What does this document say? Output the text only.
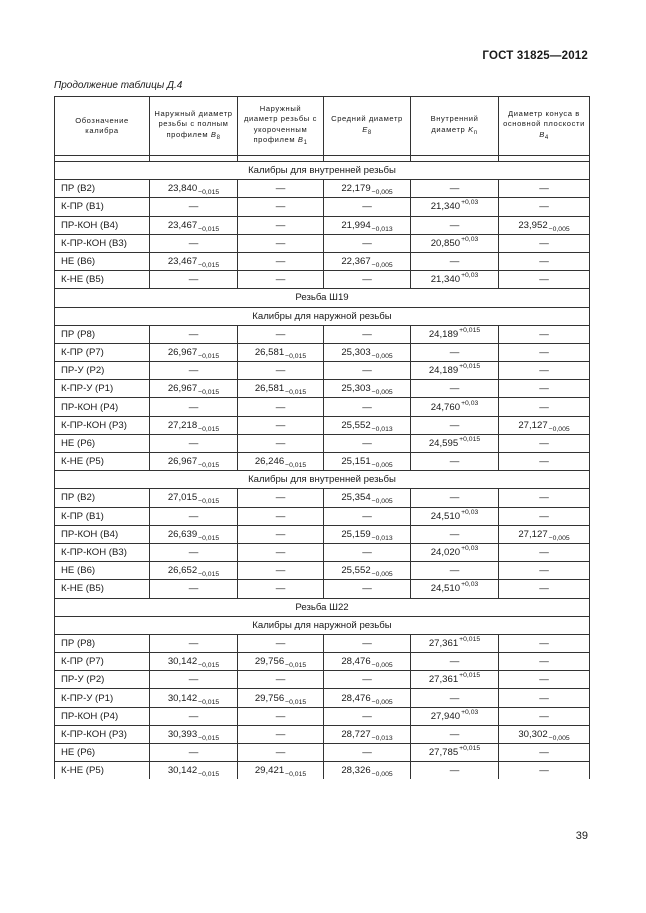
ГОСТ 31825—2012
Продолжение таблицы Д.4
Обозначение калибра	Наружный диаметр резьбы с полным профилем $B_8$	Наружный диаметр резьбы с укороченным профилем $B_1$	Средний диаметр $E_8$	Внутренний диаметр $K_п$	Диаметр конуса в основной плоскости $B_4$

Калибры для внутренней резьбы					
ПР (В2)	$23,840_{-0,015}$	—	$22,179_{-0,005}$	—	—
К-ПР (В1)	—	—	—	$21,340^{+0,03}$	—
ПР-КОН (В4)	$23,467_{-0,015}$	—	$21,994_{-0,013}$	—	$23,952_{-0,005}$
К-ПР-КОН (В3)	—	—	—	$20,850^{+0,03}$	—
НЕ (В6)	$23,467_{-0,015}$	—	$22,367_{-0,005}$	—	—
К-НЕ (В5)	—	—	—	$21,340^{+0,03}$	—
Резьба Ш19					
Калибры для наружной резьбы					
ПР (Р8)	—	—	—	$24,189^{+0,015}$	—
К-ПР (Р7)	$26,967_{-0,015}$	$26,581_{-0,015}$	$25,303_{-0,005}$	—	—
ПР-У (Р2)	—	—	—	$24,189^{+0,015}$	—
К-ПР-У (Р1)	$26,967_{-0,015}$	$26,581_{-0,015}$	$25,303_{-0,005}$	—	—
ПР-КОН (Р4)	—	—	—	$24,760^{+0,03}$	—
К-ПР-КОН (Р3)	$27,218_{-0,015}$	—	$25,552_{-0,013}$	—	$27,127_{-0,005}$
НЕ (Р6)	—	—	—	$24,595^{+0,015}$	—
К-НЕ (Р5)	$26,967_{-0,015}$	$26,246_{-0,015}$	$25,151_{-0,005}$	—	—
Калибры для внутренней резьбы					
ПР (В2)	$27,015_{-0,015}$	—	$25,354_{-0,005}$	—	—
К-ПР (В1)	—	—	—	$24,510^{+0,03}$	—
ПР-КОН (В4)	$26,639_{-0,015}$	—	$25,159_{-0,013}$	—	$27,127_{-0,005}$
К-ПР-КОН (В3)	—	—	—	$24,020^{+0,03}$	—
НЕ (В6)	$26,652_{-0,015}$	—	$25,552_{-0,005}$	—	—
К-НЕ (В5)	—	—	—	$24,510^{+0,03}$	—
Резьба Ш22					
Калибры для наружной резьбы					
ПР (Р8)	—	—	—	$27,361^{+0,015}$	—
К-ПР (Р7)	$30,142_{-0,015}$	$29,756_{-0,015}$	$28,476_{-0,005}$	—	—
ПР-У (Р2)	—	—	—	$27,361^{+0,015}$	—
К-ПР-У (Р1)	$30,142_{-0,015}$	$29,756_{-0,015}$	$28,476_{-0,005}$	—	—
ПР-КОН (Р4)	—	—	—	$27,940^{+0,03}$	—
К-ПР-КОН (Р3)	$30,393_{-0,015}$	—	$28,727_{-0,013}$	—	$30,302_{-0,005}$
НЕ (Р6)	—	—	—	$27,785^{+0,015}$	—
К-НЕ (Р5)	$30,142_{-0,015}$	$29,421_{-0,015}$	$28,326_{-0,005}$	—	—
39
